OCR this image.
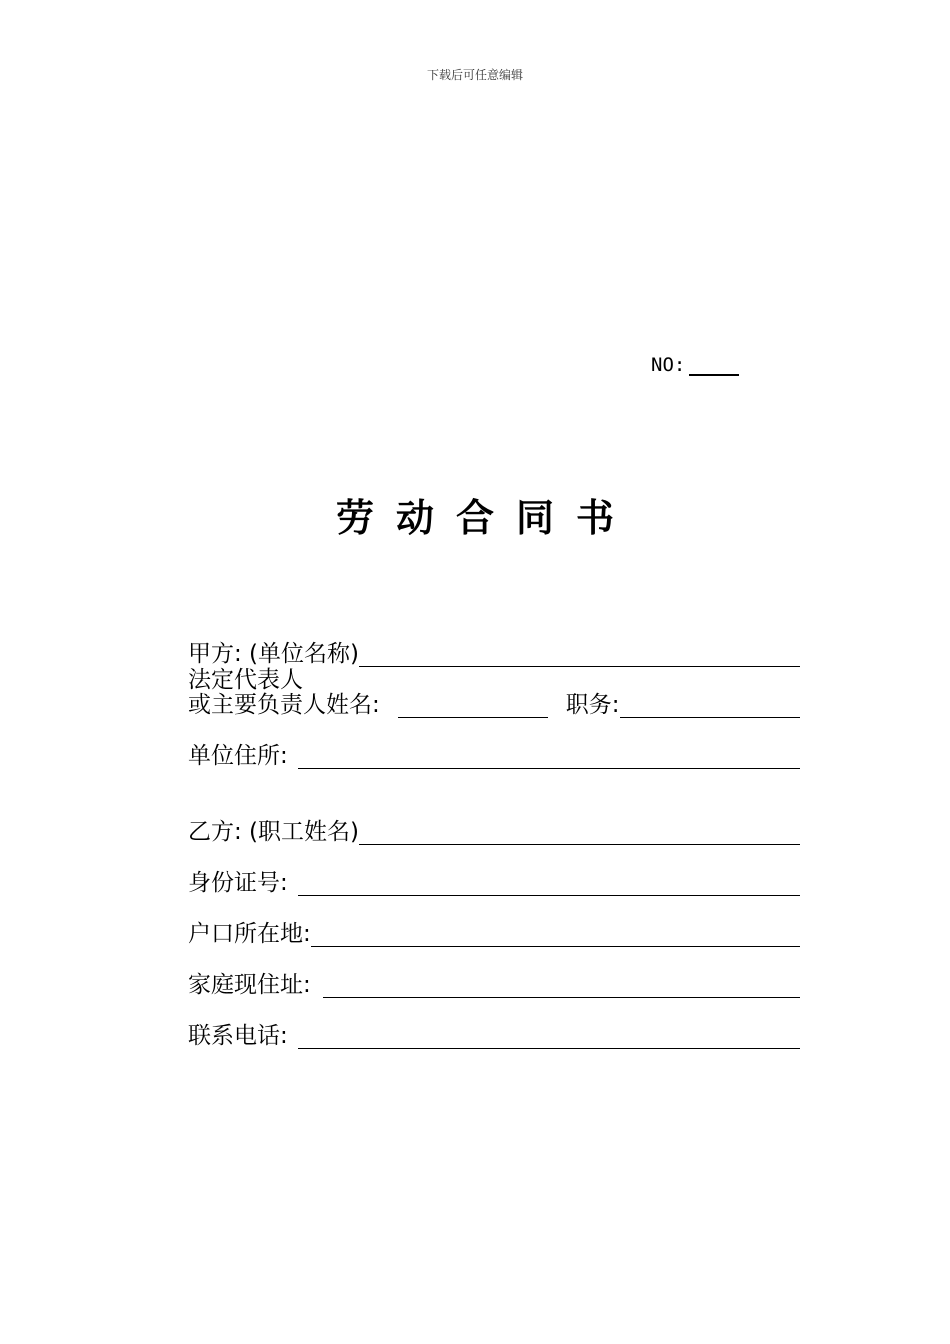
下载后可任意编辑
NO:
劳动合同书
甲方: (单位名称)
法定代表人
或主要负责人姓名:	职务:
单位住所:
乙方: (职工姓名)
身份证号:
户口所在地:
家庭现住址:
联系电话:
